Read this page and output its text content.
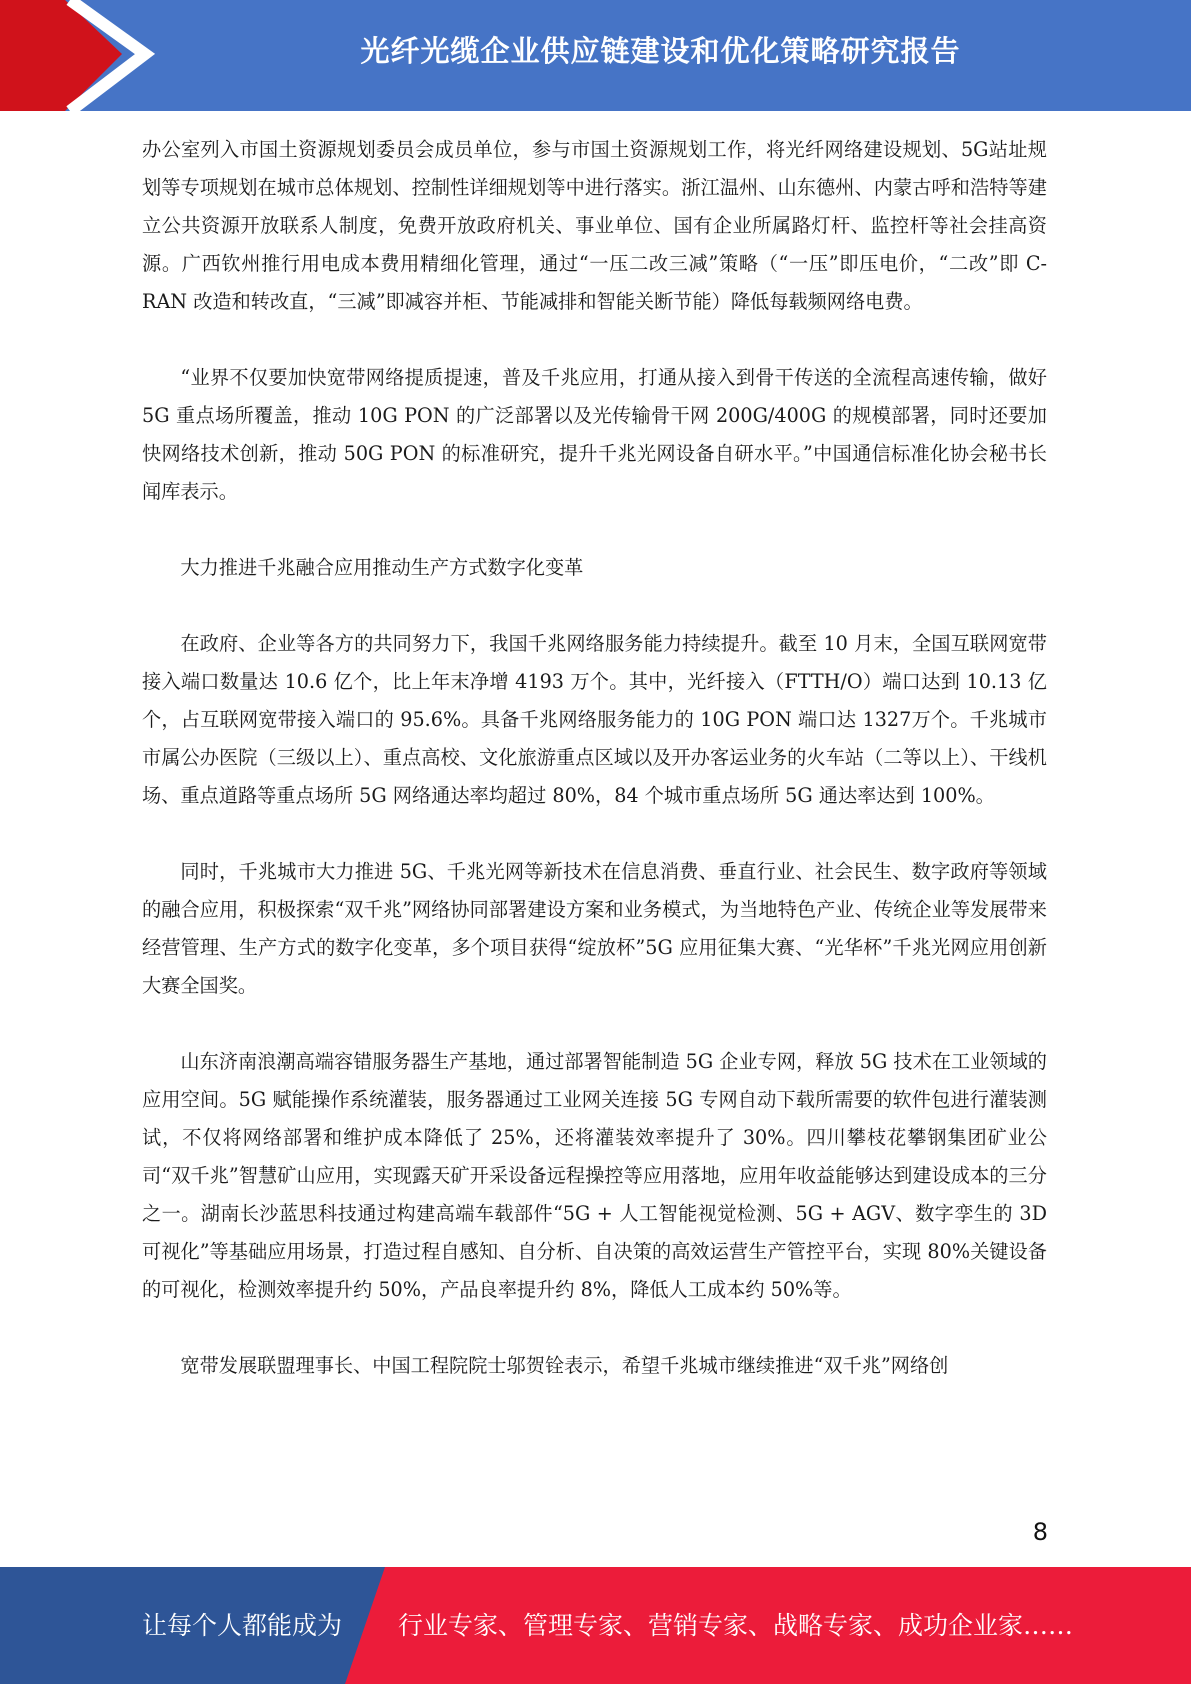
光纤光缆企业供应链建设和优化策略研究报告

办公室列入市国土资源规划委员会成员单位，参与市国土资源规划工作，将光纤网络建设规划、5G站址规划等专项规划在城市总体规划、控制性详细规划等中进行落实。浙江温州、山东德州、内蒙古呼和浩特等建立公共资源开放联系人制度，免费开放政府机关、事业单位、国有企业所属路灯杆、监控杆等社会挂高资源。广西钦州推行用电成本费用精细化管理，通过“一压二改三减”策略（“一压”即压电价，“二改”即 C-RAN 改造和转改直，“三减”即减容并柜、节能减排和智能关断节能）降低每载频网络电费。

“业界不仅要加快宽带网络提质提速，普及千兆应用，打通从接入到骨干传送的全流程高速传输，做好 5G 重点场所覆盖，推动 10G PON 的广泛部署以及光传输骨干网 200G/400G 的规模部署，同时还要加快网络技术创新，推动 50G PON 的标准研究，提升千兆光网设备自研水平。”中国通信标准化协会秘书长闻库表示。

大力推进千兆融合应用推动生产方式数字化变革

在政府、企业等各方的共同努力下，我国千兆网络服务能力持续提升。截至 10 月末，全国互联网宽带接入端口数量达 10.6 亿个，比上年末净增 4193 万个。其中，光纤接入（FTTH/O）端口达到 10.13 亿个，占互联网宽带接入端口的 95.6%。具备千兆网络服务能力的 10G PON 端口达 1327万个。千兆城市市属公办医院（三级以上）、重点高校、文化旅游重点区域以及开办客运业务的火车站（二等以上）、干线机场、重点道路等重点场所 5G 网络通达率均超过 80%，84 个城市重点场所 5G 通达率达到 100%。

同时，千兆城市大力推进 5G、千兆光网等新技术在信息消费、垂直行业、社会民生、数字政府等领域的融合应用，积极探索“双千兆”网络协同部署建设方案和业务模式，为当地特色产业、传统企业等发展带来经营管理、生产方式的数字化变革，多个项目获得“绽放杯”5G 应用征集大赛、“光华杯”千兆光网应用创新大赛全国奖。

山东济南浪潮高端容错服务器生产基地，通过部署智能制造 5G 企业专网，释放 5G 技术在工业领域的应用空间。5G 赋能操作系统灌装，服务器通过工业网关连接 5G 专网自动下载所需要的软件包进行灌装测试，不仅将网络部署和维护成本降低了 25%，还将灌装效率提升了 30%。四川攀枝花攀钢集团矿业公司“双千兆”智慧矿山应用，实现露天矿开采设备远程操控等应用落地，应用年收益能够达到建设成本的三分之一。湖南长沙蓝思科技通过构建高端车载部件“5G + 人工智能视觉检测、5G + AGV、数字孪生的 3D 可视化”等基础应用场景，打造过程自感知、自分析、自决策的高效运营生产管控平台，实现 80%关键设备的可视化，检测效率提升约 50%，产品良率提升约 8%，降低人工成本约 50%等。

宽带发展联盟理事长、中国工程院院士邬贺铨表示，希望千兆城市继续推进“双千兆”网络创

8
让每个人都能成为 行业专家、管理专家、营销专家、战略专家、成功企业家……
